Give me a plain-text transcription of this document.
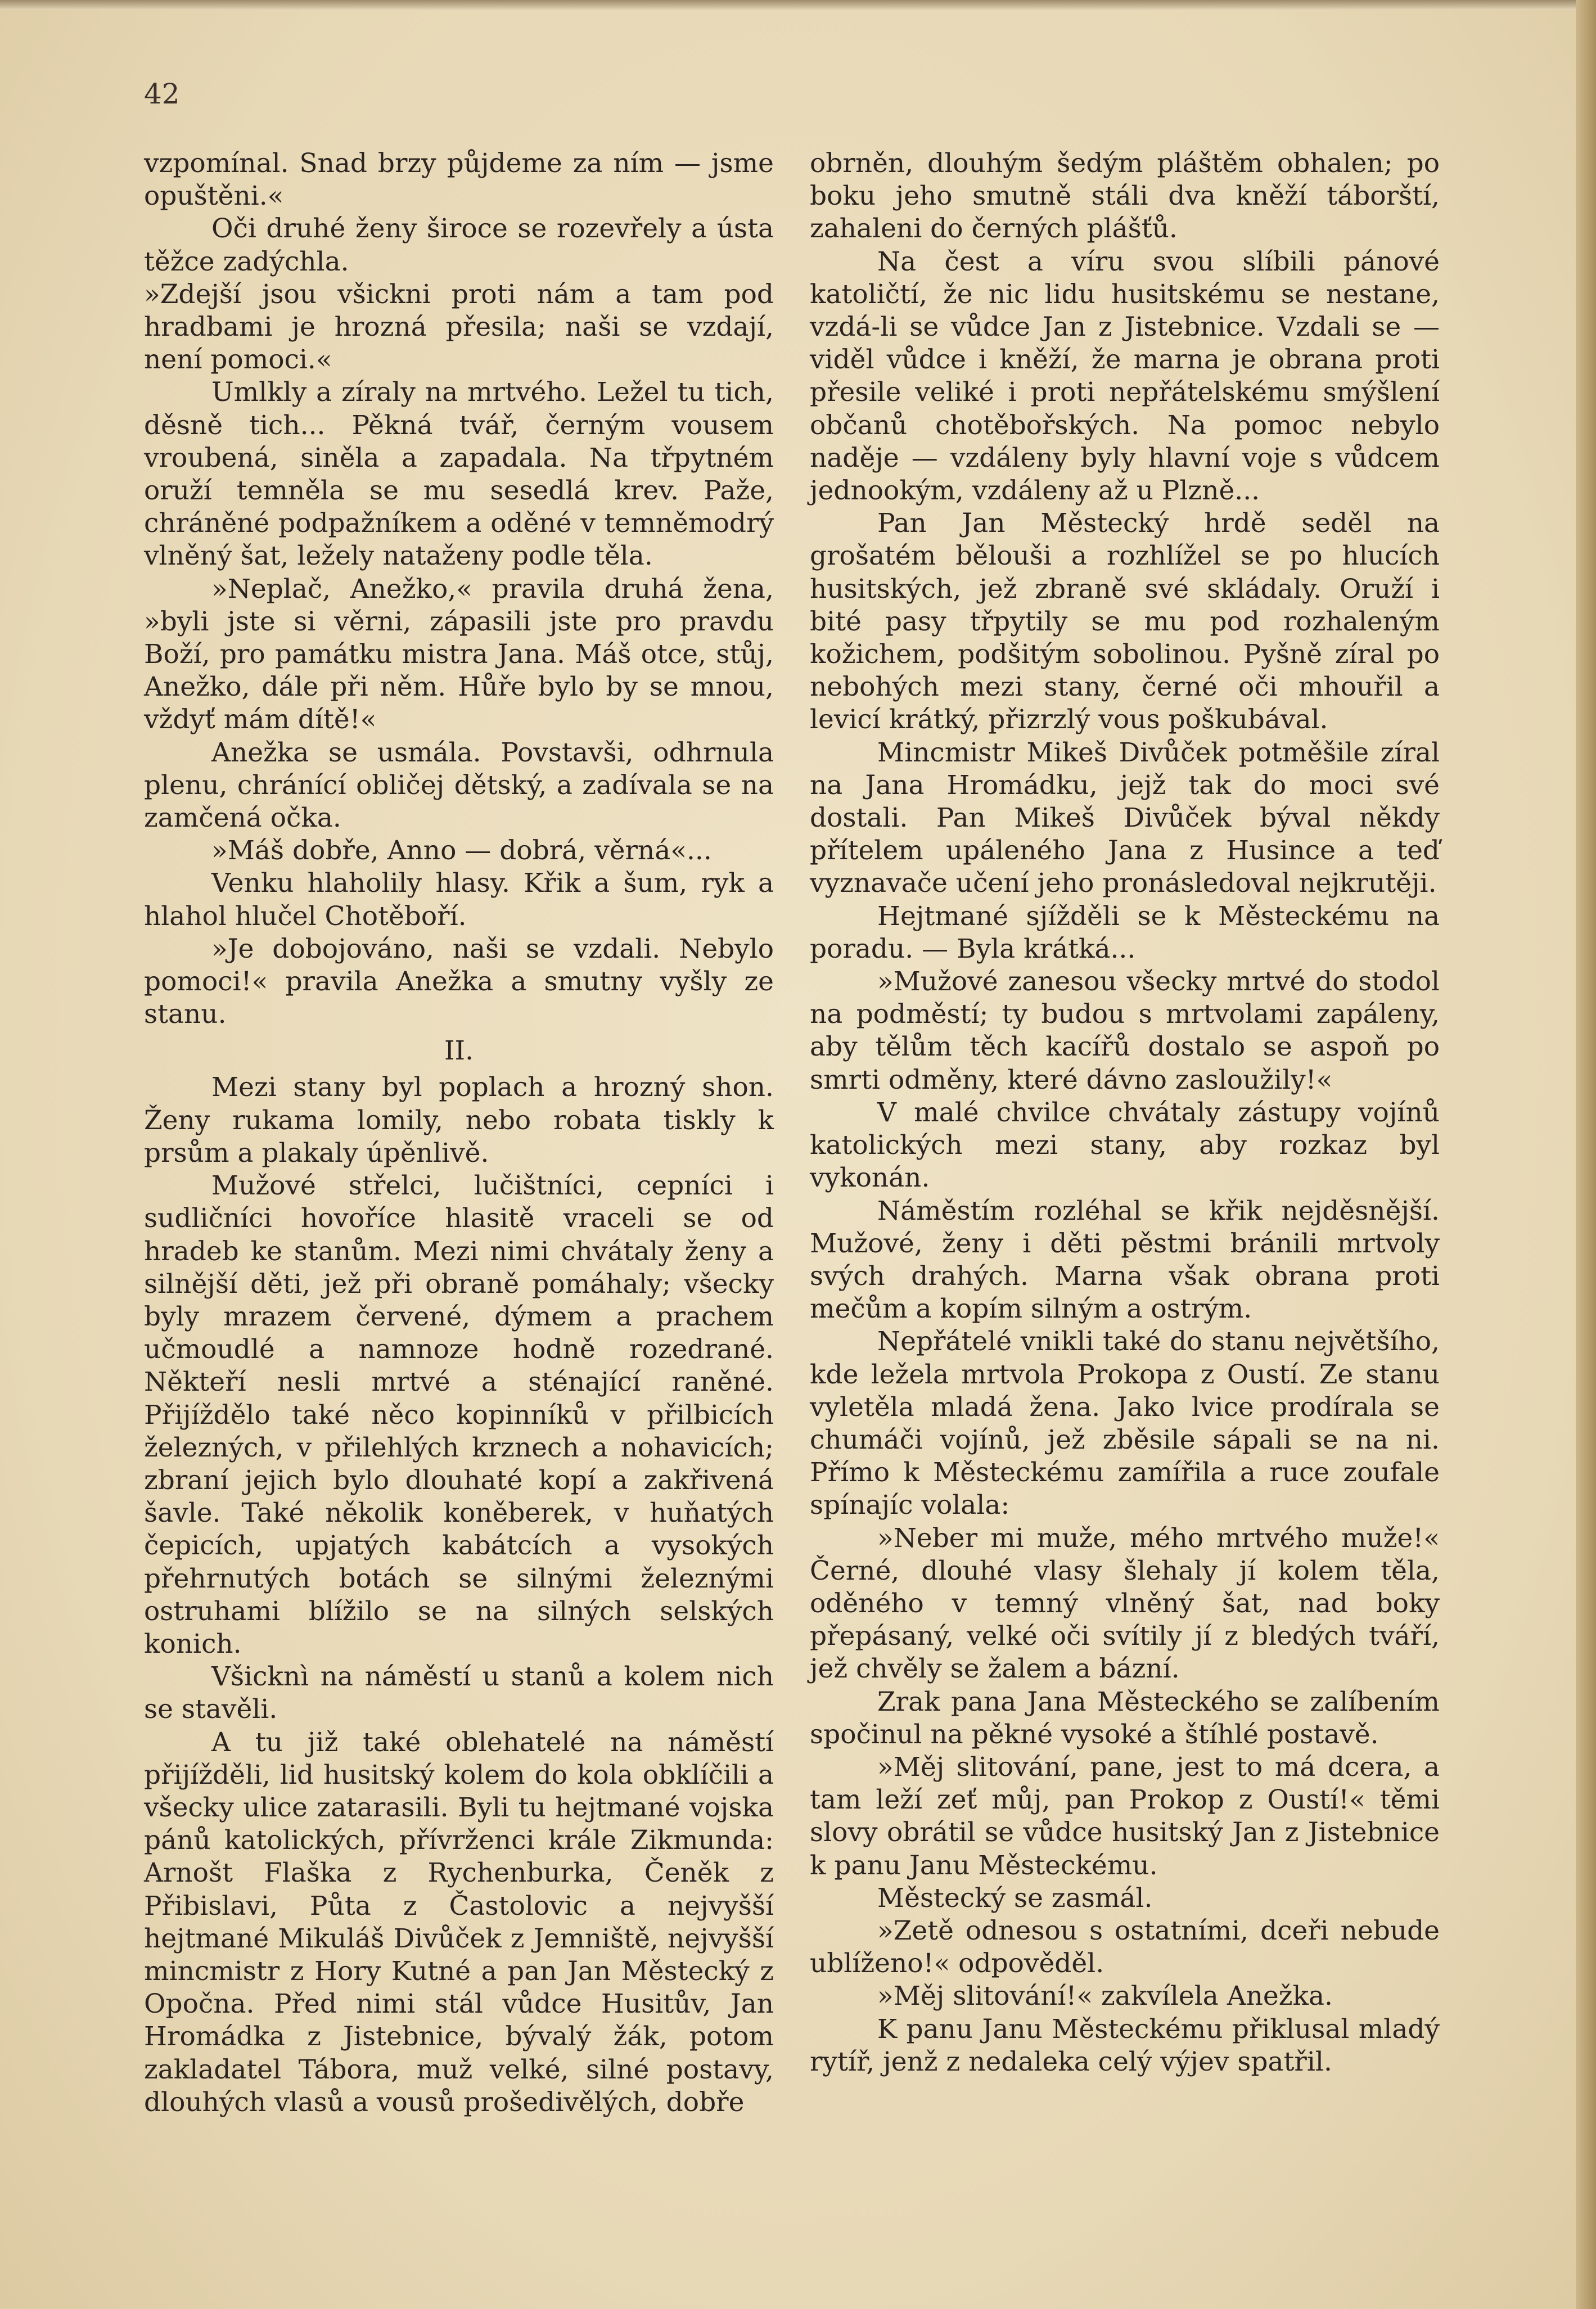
42

vzpomínal. Snad brzy půjdeme za ním — jsme opuštěni.«

Oči druhé ženy široce se rozevřely a ústa těžce zadýchla.

»Zdejší jsou všickni proti nám a tam pod hradbami je hrozná přesila; naši se vzdají, není pomoci.«

Umlkly a zíraly na mrtvého. Ležel tu tich, děsně tich... Pěkná tvář, černým vousem vroubená, siněla a zapadala. Na třpytném oruží temněla se mu sesedlá krev. Paže, chráněné podpažníkem a oděné v temněmodrý vlněný šat, ležely nataženy podle těla.

»Neplač, Anežko,« pravila druhá žena, »byli jste si věrni, zápasili jste pro pravdu Boží, pro památku mistra Jana. Máš otce, stůj, Anežko, dále při něm. Hůře bylo by se mnou, vždyť mám dítě!«

Anežka se usmála. Povstavši, odhrnula plenu, chránící obličej dětský, a zadívala se na zamčená očka.

»Máš dobře, Anno — dobrá, věrná«...

Venku hlaholily hlasy. Křik a šum, ryk a hlahol hlučel Chotěboří.

»Je dobojováno, naši se vzdali. Nebylo pomoci!« pravila Anežka a smutny vyšly ze stanu.

II.

Mezi stany byl poplach a hrozný shon. Ženy rukama lomily, nebo robata tiskly k prsům a plakaly úpěnlivě.

Mužové střelci, lučištníci, cepníci i sudličníci hovoříce hlasitě vraceli se od hradeb ke stanům. Mezi nimi chvátaly ženy a silnější děti, jež při obraně pomáhaly; všecky byly mrazem červené, dýmem a prachem učmoudlé a namnoze hodně rozedrané. Někteří nesli mrtvé a sténající raněné. Přijíždělo také něco kopinníků v přilbicích železných, v přilehlých krznech a nohavicích; zbraní jejich bylo dlouhaté kopí a zakřivená šavle. Také několik koněberek, v huňatých čepicích, upjatých kabátcích a vysokých přehrnutých botách se silnými železnými ostruhami blížilo se na silných selských konich.

Všicknì na náměstí u stanů a kolem nich se stavěli.

A tu již také oblehatelé na náměstí přijížděli, lid husitský kolem do kola obklíčili a všecky ulice zatarasili. Byli tu hejtmané vojska pánů katolických, přívrženci krále Zikmunda: Arnošt Flaška z Rychenburka, Čeněk z Přibislavi, Půta z Častolovic a nejvyšší hejtmané Mikuláš Divůček z Jemniště, nejvyšší mincmistr z Hory Kutné a pan Jan Městecký z Opočna. Před nimi stál vůdce Husitův, Jan Hromádka z Jistebnice, bývalý žák, potom zakladatel Tábora, muž velké, silné postavy, dlouhých vlasů a vousů prošedivělých, dobře

obrněn, dlouhým šedým pláštěm obhalen; po boku jeho smutně stáli dva kněží táborští, zahaleni do černých plášťů.

Na čest a víru svou slíbili pánové katoličtí, že nic lidu husitskému se nestane, vzdá-li se vůdce Jan z Jistebnice. Vzdali se — viděl vůdce i kněží, že marna je obrana proti přesile veliké i proti nepřátelskému smýšlení občanů chotěbořských. Na pomoc nebylo naděje — vzdáleny byly hlavní voje s vůdcem jednookým, vzdáleny až u Plzně...

Pan Jan Městecký hrdě seděl na grošatém bělouši a rozhlížel se po hlucích husitských, jež zbraně své skládaly. Oruží i bité pasy třpytily se mu pod rozhaleným kožichem, podšitým sobolinou. Pyšně zíral po nebohých mezi stany, černé oči mhouřil a levicí krátký, přizrzlý vous poškubával.

Mincmistr Mikeš Divůček potměšile zíral na Jana Hromádku, jejž tak do moci své dostali. Pan Mikeš Divůček býval někdy přítelem upáleného Jana z Husince a teď vyznavače učení jeho pronásledoval nejkrutěji.

Hejtmané sjížděli se k Městeckému na poradu. — Byla krátká...

»Mužové zanesou všecky mrtvé do stodol na podměstí; ty budou s mrtvolami zapáleny, aby tělům těch kacířů dostalo se aspoň po smrti odměny, které dávno zasloužily!«

V malé chvilce chvátaly zástupy vojínů katolických mezi stany, aby rozkaz byl vykonán.

Náměstím rozléhal se křik nejděsnější. Mužové, ženy i děti pěstmi bránili mrtvoly svých drahých. Marna však obrana proti mečům a kopím silným a ostrým.

Nepřátelé vnikli také do stanu největšího, kde ležela mrtvola Prokopa z Oustí. Ze stanu vyletěla mladá žena. Jako lvice prodírala se chumáči vojínů, jež zběsile sápali se na ni. Přímo k Městeckému zamířila a ruce zoufale spínajíc volala:

»Neber mi muže, mého mrtvého muže!« Černé, dlouhé vlasy šlehaly jí kolem těla, oděného v temný vlněný šat, nad boky přepásaný, velké oči svítily jí z bledých tváří, jež chvěly se žalem a bázní.

Zrak pana Jana Městeckého se zalíbením spočinul na pěkné vysoké a štíhlé postavě.

»Měj slitování, pane, jest to má dcera, a tam leží zeť můj, pan Prokop z Oustí!« těmi slovy obrátil se vůdce husitský Jan z Jistebnice k panu Janu Městeckému.

Městecký se zasmál.

»Zetě odnesou s ostatními, dceři nebude ublíženo!« odpověděl.

»Měj slitování!« zakvílela Anežka.

K panu Janu Městeckému přiklusal mladý rytíř, jenž z nedaleka celý výjev spatřil.
